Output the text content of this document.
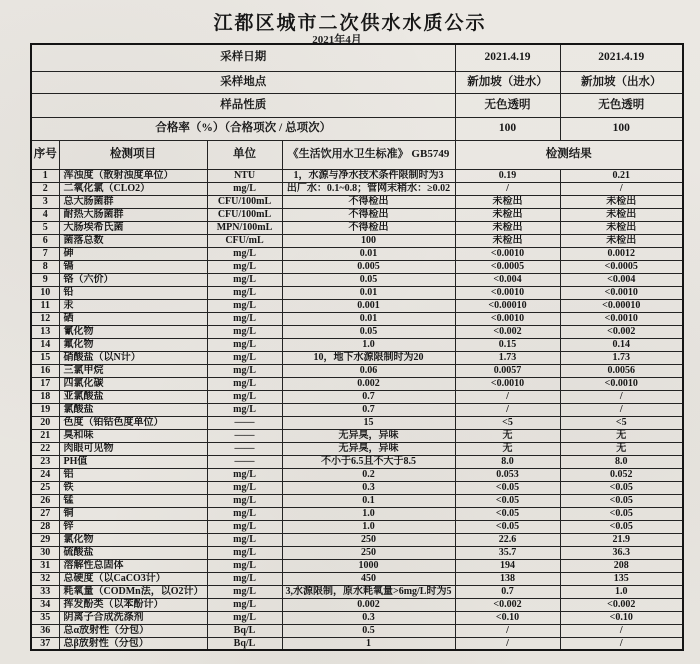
江都区城市二次供水水质公示
2021年4月
采样日期				2021.4.19	2021.4.19
采样地点				新加坡（进水）	新加坡（出水）
样品性质				无色透明	无色透明
合格率（%）（合格项次 / 总项次）				100	100
序号	检测项目	单位	《生活饮用水卫生标准》 GB5749	检测结果	
1	浑浊度（散射浊度单位）	NTU	1，水源与净水技术条件限制时为3	0.19	0.21
2	二氧化氯（CLO2）	mg/L	出厂水：0.1~0.8；管网末稍水：≥0.02	/	/
3	总大肠菌群	CFU/100mL	不得检出	未检出	未检出
4	耐热大肠菌群	CFU/100mL	不得检出	未检出	未检出
5	大肠埃希氏菌	MPN/100mL	不得检出	未检出	未检出
6	菌落总数	CFU/mL	100	未检出	未检出
7	砷	mg/L	0.01	<0.0010	0.0012
8	镉	mg/L	0.005	<0.0005	<0.0005
9	铬（六价）	mg/L	0.05	<0.004	<0.004
10	铅	mg/L	0.01	<0.0010	<0.0010
11	汞	mg/L	0.001	<0.00010	<0.00010
12	硒	mg/L	0.01	<0.0010	<0.0010
13	氰化物	mg/L	0.05	<0.002	<0.002
14	氟化物	mg/L	1.0	0.15	0.14
15	硝酸盐（以N计）	mg/L	10，地下水源限制时为20	1.73	1.73
16	三氯甲烷	mg/L	0.06	0.0057	0.0056
17	四氯化碳	mg/L	0.002	<0.0010	<0.0010
18	亚氯酸盐	mg/L	0.7	/	/
19	氯酸盐	mg/L	0.7	/	/
20	色度（铂钴色度单位）	——	15	<5	<5
21	臭和味	——	无异臭，异味	无	无
22	肉眼可见物	——	无异臭，异味	无	无
23	PH值	——	不小于6.5且不大于8.5	8.0	8.0
24	铝	mg/L	0.2	0.053	0.052
25	铁	mg/L	0.3	<0.05	<0.05
26	锰	mg/L	0.1	<0.05	<0.05
27	铜	mg/L	1.0	<0.05	<0.05
28	锌	mg/L	1.0	<0.05	<0.05
29	氯化物	mg/L	250	22.6	21.9
30	硫酸盐	mg/L	250	35.7	36.3
31	溶解性总固体	mg/L	1000	194	208
32	总硬度（以CaCO3计）	mg/L	450	138	135
33	耗氧量（CODMn法，以O2计）	mg/L	3,水源限制，原水耗氧量>6mg/L时为5	0.7	1.0
34	挥发酚类（以苯酚计）	mg/L	0.002	<0.002	<0.002
35	阴离子合成洗涤剂	mg/L	0.3	<0.10	<0.10
36	总α放射性（分包）	Bq/L	0.5	/	/
37	总β放射性（分包）	Bq/L	1	/	/
